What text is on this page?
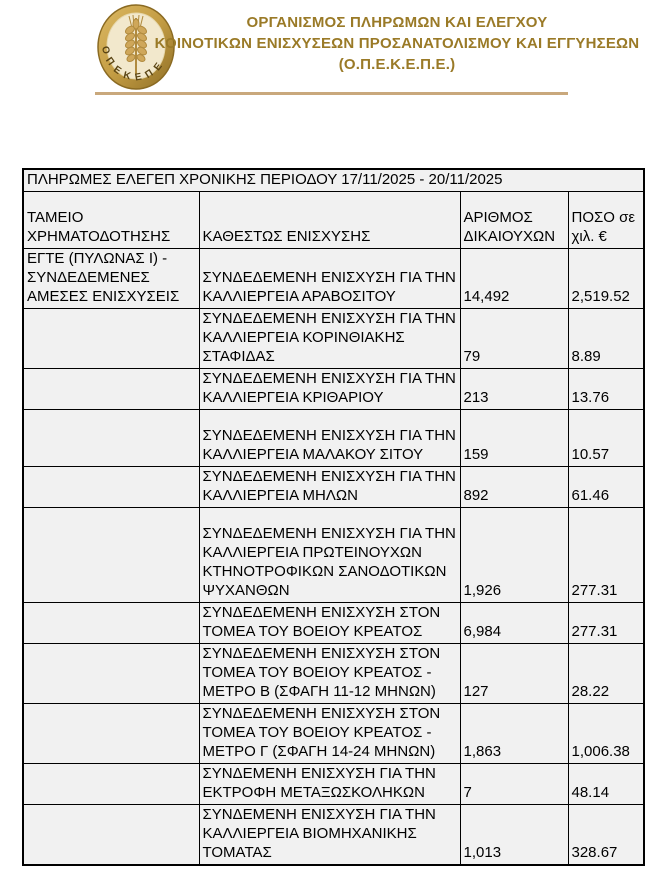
ΟΠΕΚΕΠΕ
ΟΡΓΑΝΙΣΜΟΣ ΠΛΗΡΩΜΩΝ ΚΑΙ ΕΛΕΓΧΟΥ
ΚΟΙΝΟΤΙΚΩΝ ΕΝΙΣΧΥΣΕΩΝ ΠΡΟΣΑΝΑΤΟΛΙΣΜΟΥ ΚΑΙ ΕΓΓΥΗΣΕΩΝ
(Ο.Π.Ε.Κ.Ε.Π.Ε.)
ΠΛΗΡΩΜΕΣ ΕΛΕΓΕΠ ΧΡΟΝΙΚΗΣ ΠΕΡΙΟΔΟΥ 17/11/2025 - 20/11/2025			
ΤΑΜΕΙΟ ΧΡΗΜΑΤΟΔΟΤΗΣΗΣ	ΚΑΘΕΣΤΩΣ ΕΝΙΣΧΥΣΗΣ	ΑΡΙΘΜΟΣ ΔΙΚΑΙΟΥΧΩΝ	ΠΟΣΟ σε χιλ. €
ΕΓΤΕ (ΠΥΛΩΝΑΣ Ι) - ΣΥΝΔΕΔΕΜΕΝΕΣ ΑΜΕΣΕΣ ΕΝΙΣΧΥΣΕΙΣ	ΣΥΝΔΕΔΕΜΕΝΗ ΕΝΙΣΧΥΣΗ ΓΙΑ ΤΗΝ ΚΑΛΛΙΕΡΓΕΙΑ ΑΡΑΒΟΣΙΤΟΥ	14,492	2,519.52
	ΣΥΝΔΕΔΕΜΕΝΗ ΕΝΙΣΧΥΣΗ ΓΙΑ ΤΗΝ ΚΑΛΛΙΕΡΓΕΙΑ ΚΟΡΙΝΘΙΑΚΗΣ ΣΤΑΦΙΔΑΣ	79	8.89
	ΣΥΝΔΕΔΕΜΕΝΗ ΕΝΙΣΧΥΣΗ ΓΙΑ ΤΗΝ ΚΑΛΛΙΕΡΓΕΙΑ ΚΡΙΘΑΡΙΟΥ	213	13.76
	ΣΥΝΔΕΔΕΜΕΝΗ ΕΝΙΣΧΥΣΗ ΓΙΑ ΤΗΝ ΚΑΛΛΙΕΡΓΕΙΑ ΜΑΛΑΚΟΥ ΣΙΤΟΥ	159	10.57
	ΣΥΝΔΕΔΕΜΕΝΗ ΕΝΙΣΧΥΣΗ ΓΙΑ ΤΗΝ ΚΑΛΛΙΕΡΓΕΙΑ ΜΗΛΩΝ	892	61.46
	ΣΥΝΔΕΔΕΜΕΝΗ ΕΝΙΣΧΥΣΗ ΓΙΑ ΤΗΝ ΚΑΛΛΙΕΡΓΕΙΑ ΠΡΩΤΕΙΝΟΥΧΩΝ ΚΤΗΝΟΤΡΟΦΙΚΩΝ ΣΑΝΟΔΟΤΙΚΩΝ ΨΥΧΑΝΘΩΝ	1,926	277.31
	ΣΥΝΔΕΔΕΜΕΝΗ ΕΝΙΣΧΥΣΗ ΣΤΟΝ ΤΟΜΕΑ ΤΟΥ ΒΟΕΙΟΥ ΚΡΕΑΤΟΣ	6,984	277.31
	ΣΥΝΔΕΔΕΜΕΝΗ ΕΝΙΣΧΥΣΗ ΣΤΟΝ ΤΟΜΕΑ ΤΟΥ ΒΟΕΙΟΥ ΚΡΕΑΤΟΣ - ΜΕΤΡΟ Β (ΣΦΑΓΗ 11-12 ΜΗΝΩΝ)	127	28.22
	ΣΥΝΔΕΔΕΜΕΝΗ ΕΝΙΣΧΥΣΗ ΣΤΟΝ ΤΟΜΕΑ ΤΟΥ ΒΟΕΙΟΥ ΚΡΕΑΤΟΣ - ΜΕΤΡΟ Γ (ΣΦΑΓΗ 14-24 ΜΗΝΩΝ)	1,863	1,006.38
	ΣΥΝΔΕΜΕΝΗ ΕΝΙΣΧΥΣΗ ΓΙΑ ΤΗΝ ΕΚΤΡΟΦΗ ΜΕΤΑΞΩΣΚΟΛΗΚΩΝ	7	48.14
	ΣΥΝΔΕΜΕΝΗ ΕΝΙΣΧΥΣΗ ΓΙΑ ΤΗΝ ΚΑΛΛΙΕΡΓΕΙΑ ΒΙΟΜΗΧΑΝΙΚΗΣ ΤΟΜΑΤΑΣ	1,013	328.67
